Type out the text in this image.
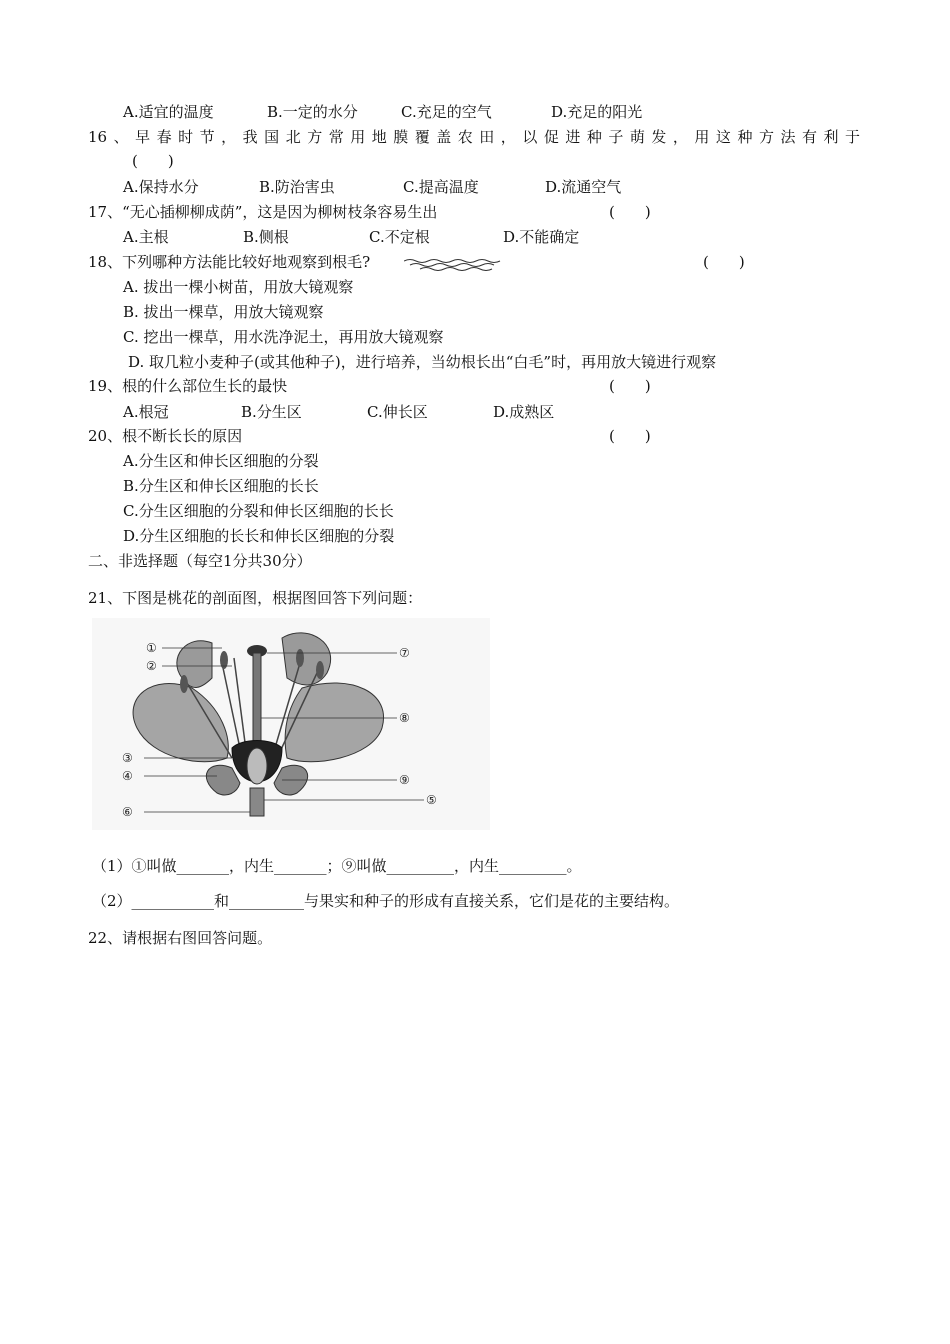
A.适宜的温度	B.一定的水分	C.充足的空气	D.充足的阳光
16、早春时节，我国北方常用地膜覆盖农田，以促进种子萌发，用这种方法有利于
(　　)
A.保持水分	B.防治害虫	C.提高温度	D.流通空气
17、“无心插柳柳成荫”，这是因为柳树枝条容易生出	(　　)
A.主根	B.侧根	C.不定根	D.不能确定
18、下列哪种方法能比较好地观察到根毛?	(　　)
A. 拔出一棵小树苗，用放大镜观察
B. 拔出一棵草，用放大镜观察
C. 挖出一棵草，用水洗净泥土，再用放大镜观察
D. 取几粒小麦种子(或其他种子)，进行培养，当幼根长出“白毛”时，再用放大镜进行观察
19、根的什么部位生长的最快	(　　)
A.根冠	B.分生区	C.伸长区	D.成熟区
20、根不断长长的原因	(　　)
A.分生区和伸长区细胞的分裂
B.分生区和伸长区细胞的长长
C.分生区细胞的分裂和伸长区细胞的长长
D.分生区细胞的长长和伸长区细胞的分裂
二、非选择题（每空1分共30分）
21、下图是桃花的剖面图，根据图回答下列问题：
①
②
③
④
⑤
⑥
⑦
⑧
⑨
（1）①叫做_______，内生_______；⑨叫做_________，内生_________。
（2）___________和__________与果实和种子的形成有直接关系，它们是花的主要结构。
22、请根据右图回答问题。
